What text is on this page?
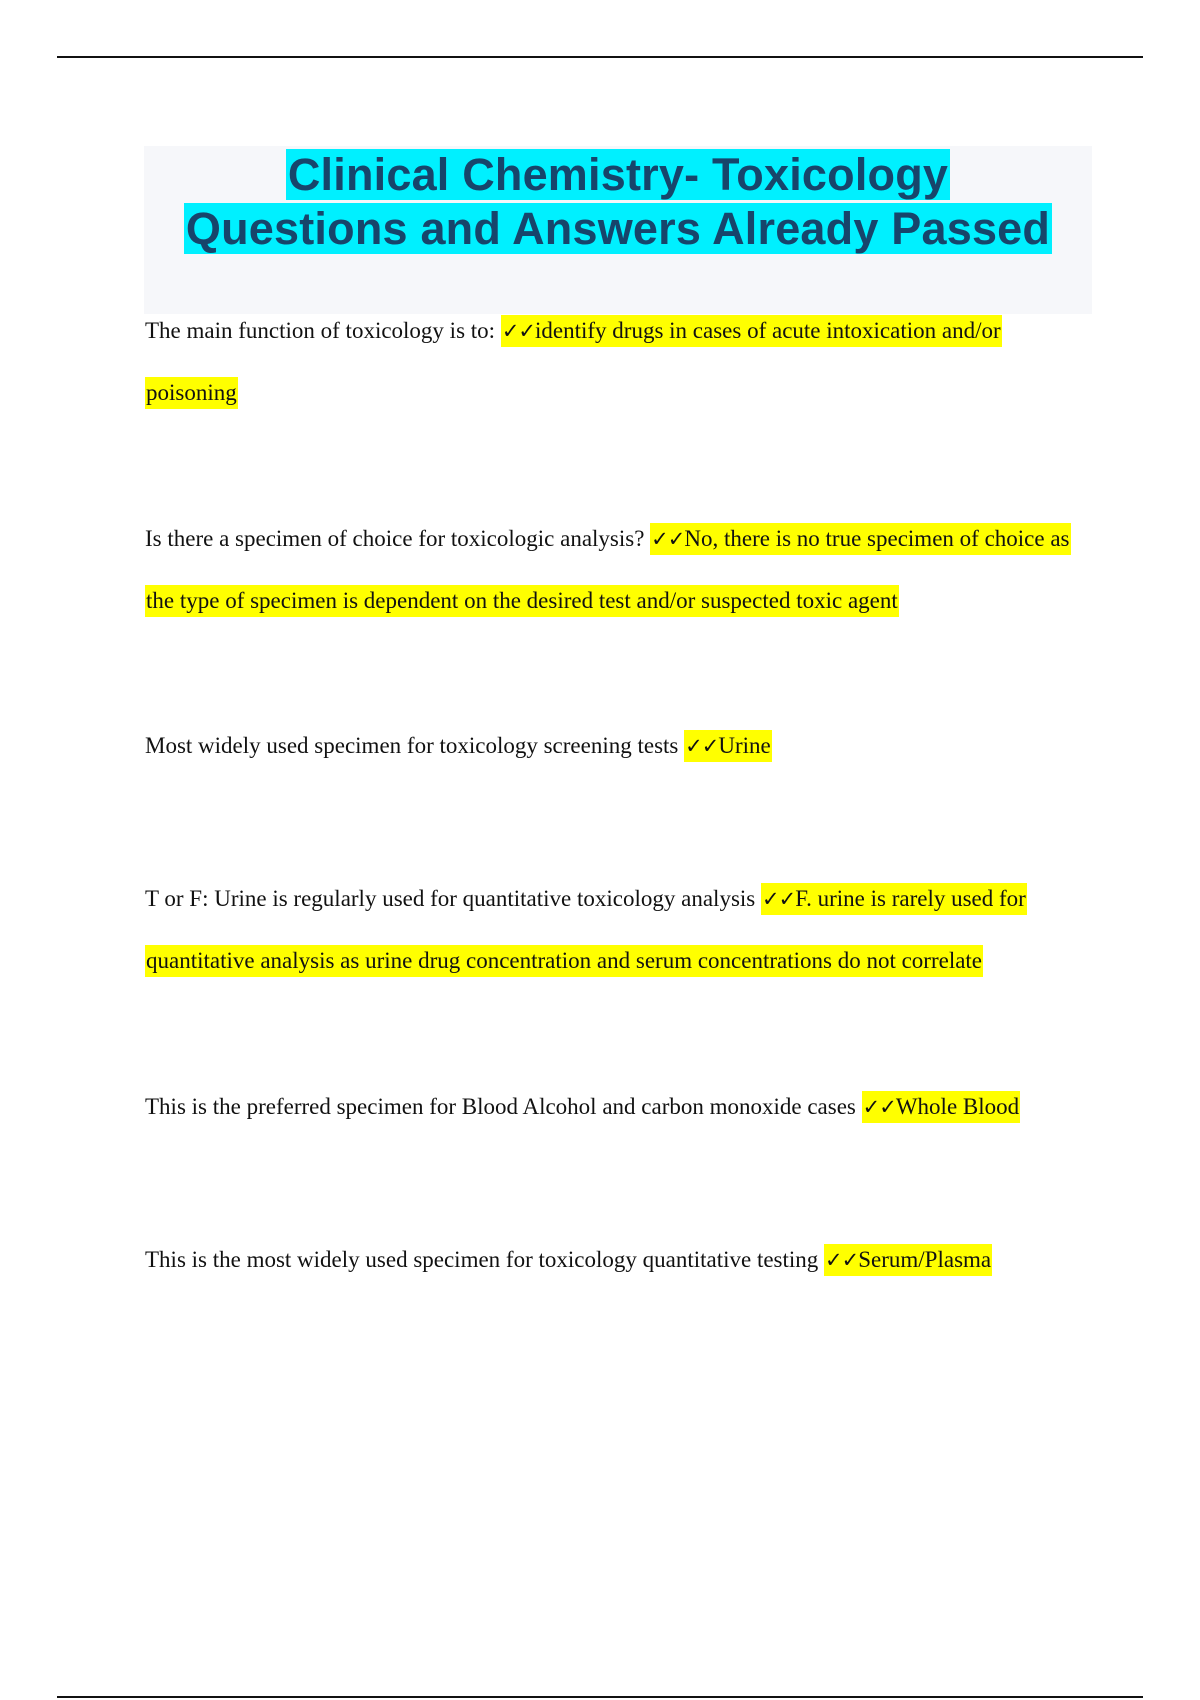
Clinical Chemistry- Toxicology
Questions and Answers Already Passed

The main function of toxicology is to: ✓✓identify drugs in cases of acute intoxication and/or poisoning

Is there a specimen of choice for toxicologic analysis? ✓✓No, there is no true specimen of choice as the type of specimen is dependent on the desired test and/or suspected toxic agent

Most widely used specimen for toxicology screening tests ✓✓Urine

T or F: Urine is regularly used for quantitative toxicology analysis ✓✓F. urine is rarely used for quantitative analysis as urine drug concentration and serum concentrations do not correlate

This is the preferred specimen for Blood Alcohol and carbon monoxide cases ✓✓Whole Blood

This is the most widely used specimen for toxicology quantitative testing ✓✓Serum/Plasma
